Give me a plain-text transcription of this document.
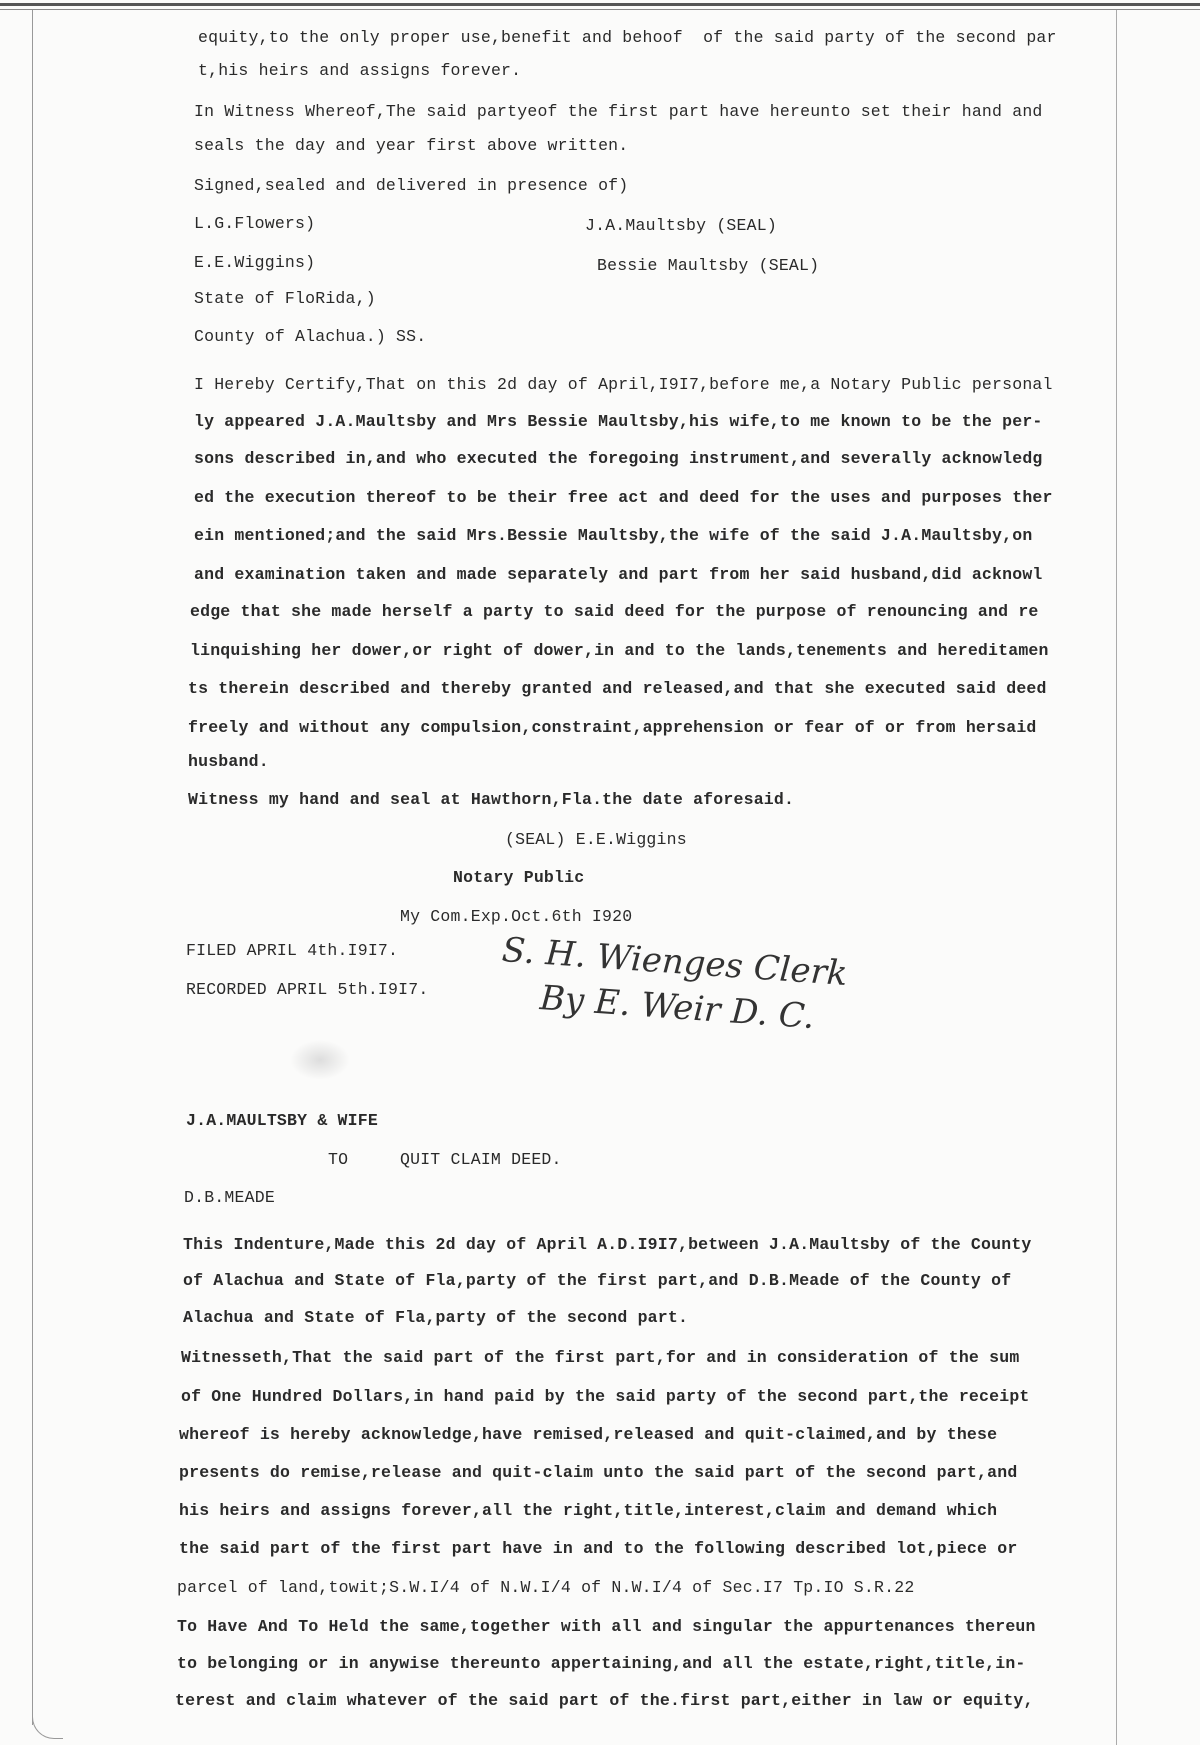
equity,to the only proper use,benefit and behoof  of the said party of the second par
t,his heirs and assigns forever.
In Witness Whereof,The said partyeof the first part have hereunto set their hand and
seals the day and year first above written.
Signed,sealed and delivered in presence of)
L.G.Flowers)	J.A.Maultsby (SEAL)
E.E.Wiggins)	Bessie Maultsby (SEAL)
State of FloRida,)
County of Alachua.) SS.
I Hereby Certify,That on this 2d day of April,I9I7,before me,a Notary Public personal
ly appeared J.A.Maultsby and Mrs Bessie Maultsby,his wife,to me known to be the per-
sons described in,and who executed the foregoing instrument,and severally acknowledg
ed the execution thereof to be their free act and deed for the uses and purposes ther
ein mentioned;and the said Mrs.Bessie Maultsby,the wife of the said J.A.Maultsby,on
and examination taken and made separately and part from her said husband,did acknowl
edge that she made herself a party to said deed for the purpose of renouncing and re
linquishing her dower,or right of dower,in and to the lands,tenements and hereditamen
ts therein described and thereby granted and released,and that she executed said deed
freely and without any compulsion,constraint,apprehension or fear of or from hersaid
husband.
Witness my hand and seal at Hawthorn,Fla.the date aforesaid.
(SEAL) E.E.Wiggins
Notary Public
My Com.Exp.Oct.6th I920
FILED APRIL 4th.I9I7.
RECORDED APRIL 5th.I9I7. S. H. Wienges Clerk
By E. Weir D. C.
J.A.MAULTSBY & WIFE
TO	QUIT CLAIM DEED.
D.B.MEADE
This Indenture,Made this 2d day of April A.D.I9I7,between J.A.Maultsby of the County
of Alachua and State of Fla,party of the first part,and D.B.Meade of the County of
Alachua and State of Fla,party of the second part.
Witnesseth,That the said part of the first part,for and in consideration of the sum
of One Hundred Dollars,in hand paid by the said party of the second part,the receipt
whereof is hereby acknowledge,have remised,released and quit-claimed,and by these
presents do remise,release and quit-claim unto the said part of the second part,and
his heirs and assigns forever,all the right,title,interest,claim and demand which
the said part of the first part have in and to the following described lot,piece or
parcel of land,towit;S.W.I/4 of N.W.I/4 of N.W.I/4 of Sec.I7 Tp.IO S.R.22
To Have And To Held the same,together with all and singular the appurtenances thereun
to belonging or in anywise thereunto appertaining,and all the estate,right,title,in-
terest and claim whatever of the said part of the.first part,either in law or equity,
